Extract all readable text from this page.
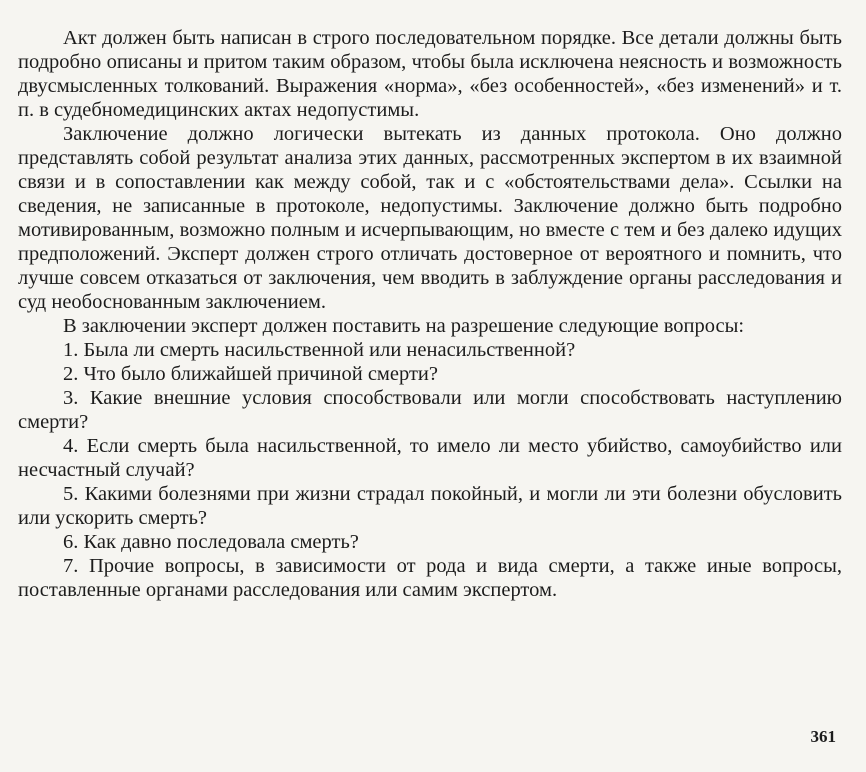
Акт должен быть написан в строго последовательном порядке. Все детали должны быть подробно описаны и притом таким образом, чтобы была исключена неясность и возможность двусмысленных толкований. Выражения «норма», «без особенностей», «без изменений» и т. п. в судебномедицинских актах недопустимы.

Заключение должно логически вытекать из данных протокола. Оно должно представлять собой результат анализа этих данных, рассмотренных экспертом в их взаимной связи и в сопоставлении как между собой, так и с «обстоятельствами дела». Ссылки на сведения, не записанные в протоколе, недопустимы. Заключение должно быть подробно мотивированным, возможно полным и исчерпывающим, но вместе с тем и без далеко идущих предположений. Эксперт должен строго отличать достоверное от вероятного и помнить, что лучше совсем отказаться от заключения, чем вводить в заблуждение органы расследования и суд необоснованным заключением.

В заключении эксперт должен поставить на разрешение следующие вопросы:

1. Была ли смерть насильственной или ненасильственной?
2. Что было ближайшей причиной смерти?
3. Какие внешние условия способствовали или могли способствовать наступлению смерти?
4. Если смерть была насильственной, то имело ли место убийство, самоубийство или несчастный случай?
5. Какими болезнями при жизни страдал покойный, и могли ли эти болезни обусловить или ускорить смерть?
6. Как давно последовала смерть?
7. Прочие вопросы, в зависимости от рода и вида смерти, а также иные вопросы, поставленные органами расследования или самим экспертом.
361
